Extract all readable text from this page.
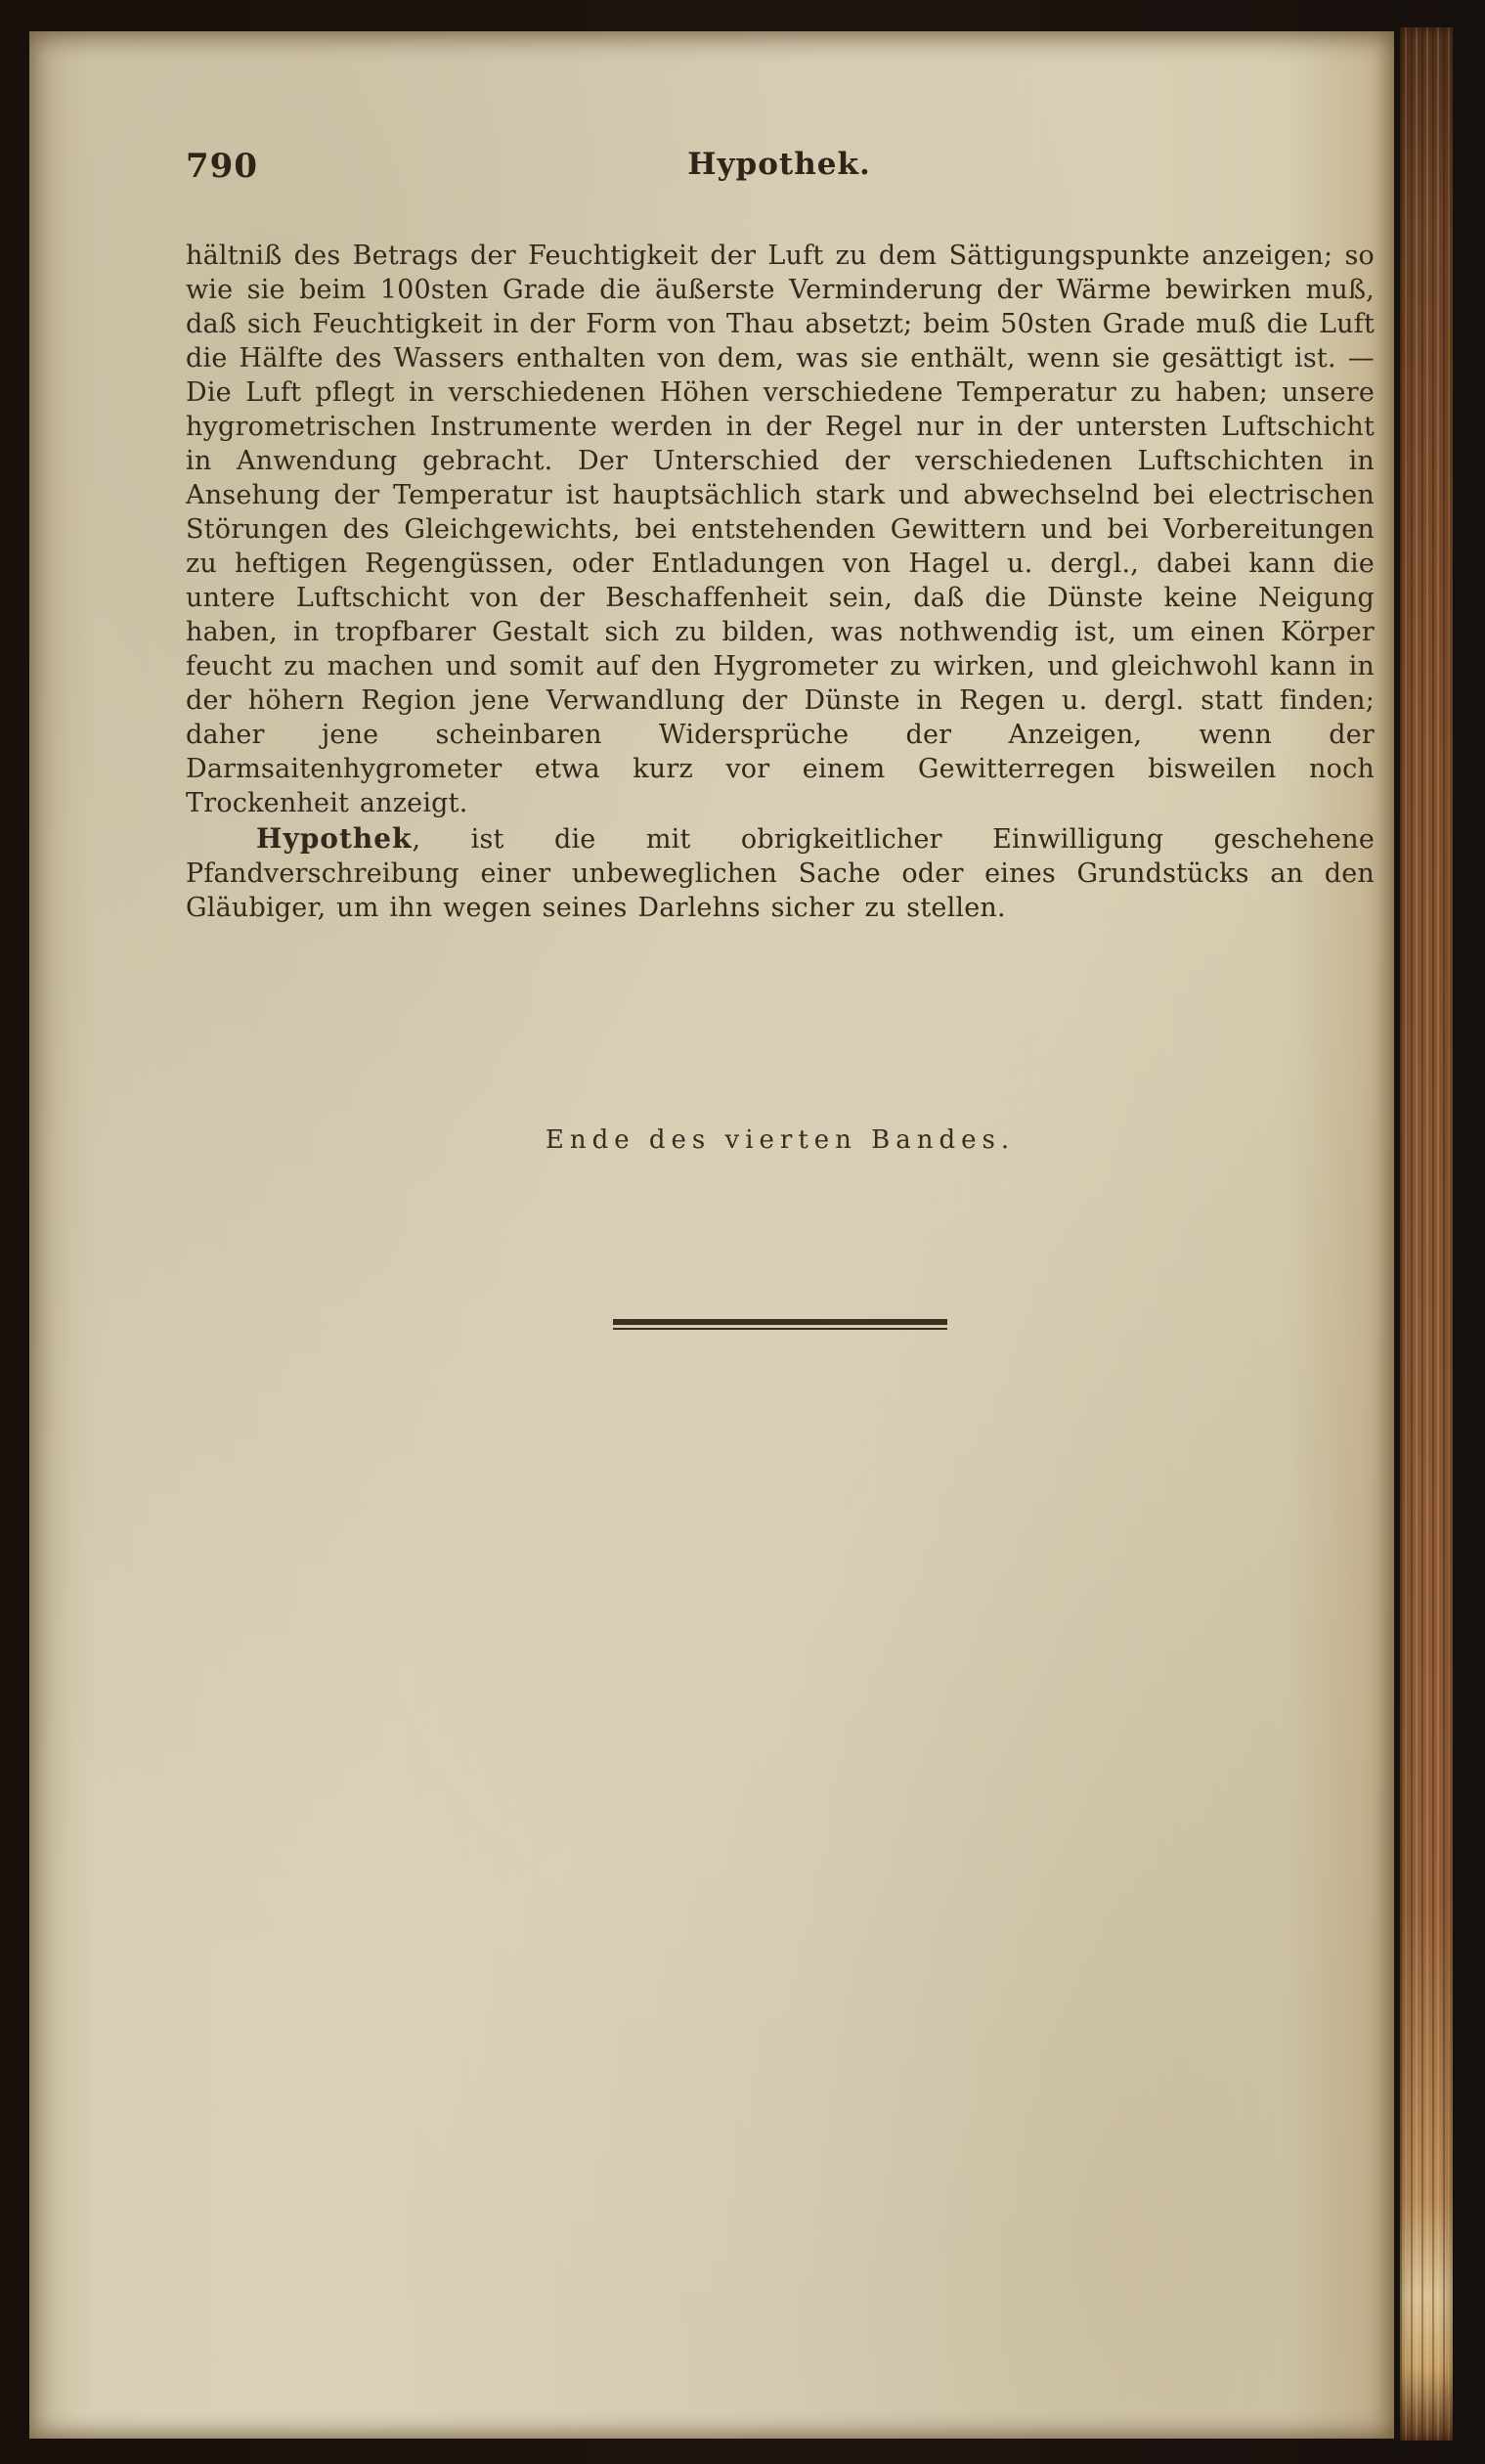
790	Hypothek.

hältniß des Betrags der Feuchtigkeit der Luft zu dem Sättigungspunkte anzeigen; so wie sie beim 100sten Grade die äußerste Verminderung der Wärme bewirken muß, daß sich Feuchtigkeit in der Form von Thau absetzt; beim 50sten Grade muß die Luft die Hälfte des Wassers enthalten von dem, was sie enthält, wenn sie gesättigt ist. — Die Luft pflegt in verschiedenen Höhen verschiedene Temperatur zu haben; unsere hygrometrischen Instrumente werden in der Regel nur in der untersten Luftschicht in Anwendung gebracht. Der Unterschied der verschiedenen Luftschichten in Ansehung der Temperatur ist hauptsächlich stark und abwechselnd bei electrischen Störungen des Gleichgewichts, bei entstehenden Gewittern und bei Vorbereitungen zu heftigen Regengüssen, oder Entladungen von Hagel u. dergl., dabei kann die untere Luftschicht von der Beschaffenheit sein, daß die Dünste keine Neigung haben, in tropfbarer Gestalt sich zu bilden, was nothwendig ist, um einen Körper feucht zu machen und somit auf den Hygrometer zu wirken, und gleichwohl kann in der höhern Region jene Verwandlung der Dünste in Regen u. dergl. statt finden; daher jene scheinbaren Widersprüche der Anzeigen, wenn der Darmsaitenhygrometer etwa kurz vor einem Gewitterregen bisweilen noch Trockenheit anzeigt.

Hypothek, ist die mit obrigkeitlicher Einwilligung geschehene Pfandverschreibung einer unbeweglichen Sache oder eines Grundstücks an den Gläubiger, um ihn wegen seines Darlehns sicher zu stellen.

Ende des vierten Bandes.
